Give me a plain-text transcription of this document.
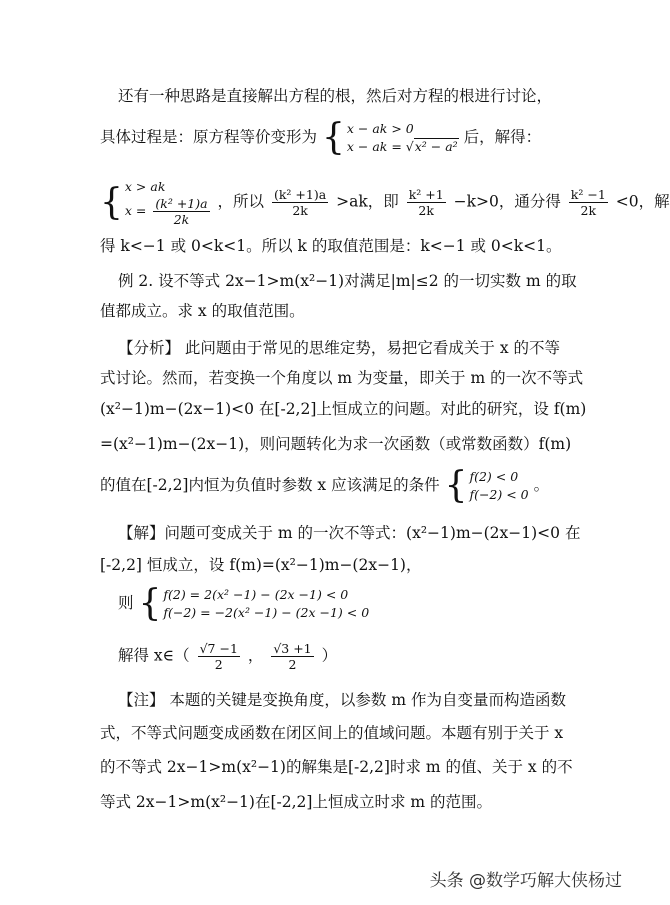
还有一种思路是直接解出方程的根，然后对方程的根进行讨论，
具体过程是：原方程等价变形为 { x − ak > 0
x − ak = √x² − a²
后，解得：
{ x > ak
$x = \frac{\text{(k² +1)a}}{2k}$ ，所以 $\frac{\text{(k² +1)a}}{2k} >ak$，即 $\frac{\text{k² +1}}{2k} -k>0$，通分得 $\frac{\text{k² −1}}{2k} <0$，解
得 k<−1 或 0<k<1。所以 k 的取值范围是：k<−1 或 0<k<1。
例 2. 设不等式 2x−1>m(x²−1)对满足|m|≤2 的一切实数 m 的取
值都成立。求 x 的取值范围。
【分析】 此问题由于常见的思维定势，易把它看成关于 x 的不等
式讨论。然而，若变换一个角度以 m 为变量，即关于 m 的一次不等式
(x²−1)m−(2x−1)<0 在[-2,2]上恒成立的问题。对此的研究，设 f(m)
=(x²−1)m−(2x−1)，则问题转化为求一次函数（或常数函数）f(m)
的值在[-2,2]内恒为负值时参数 x 应该满足的条件 { f(2) < 0
f(−2) < 0
。
【解】问题可变成关于 m 的一次不等式：(x²−1)m−(2x−1)<0 在
[-2,2] 恒成立，设 f(m)=(x²−1)m−(2x−1)，
则 { f(2) = 2(x² −1) − (2x −1) < 0
f(−2) = −2(x² −1) − (2x −1) < 0
解得 x∈（ $\frac{√7 -1}{2}$ ， $\frac{√3 +1}{2}$ ）
【注】 本题的关键是变换角度，以参数 m 作为自变量而构造函数
式，不等式问题变成函数在闭区间上的值域问题。本题有别于关于 x
的不等式 2x−1>m(x²−1)的解集是[-2,2]时求 m 的值、关于 x 的不
等式 2x−1>m(x²−1)在[-2,2]上恒成立时求 m 的范围。
头条 @数学巧解大侠杨过
